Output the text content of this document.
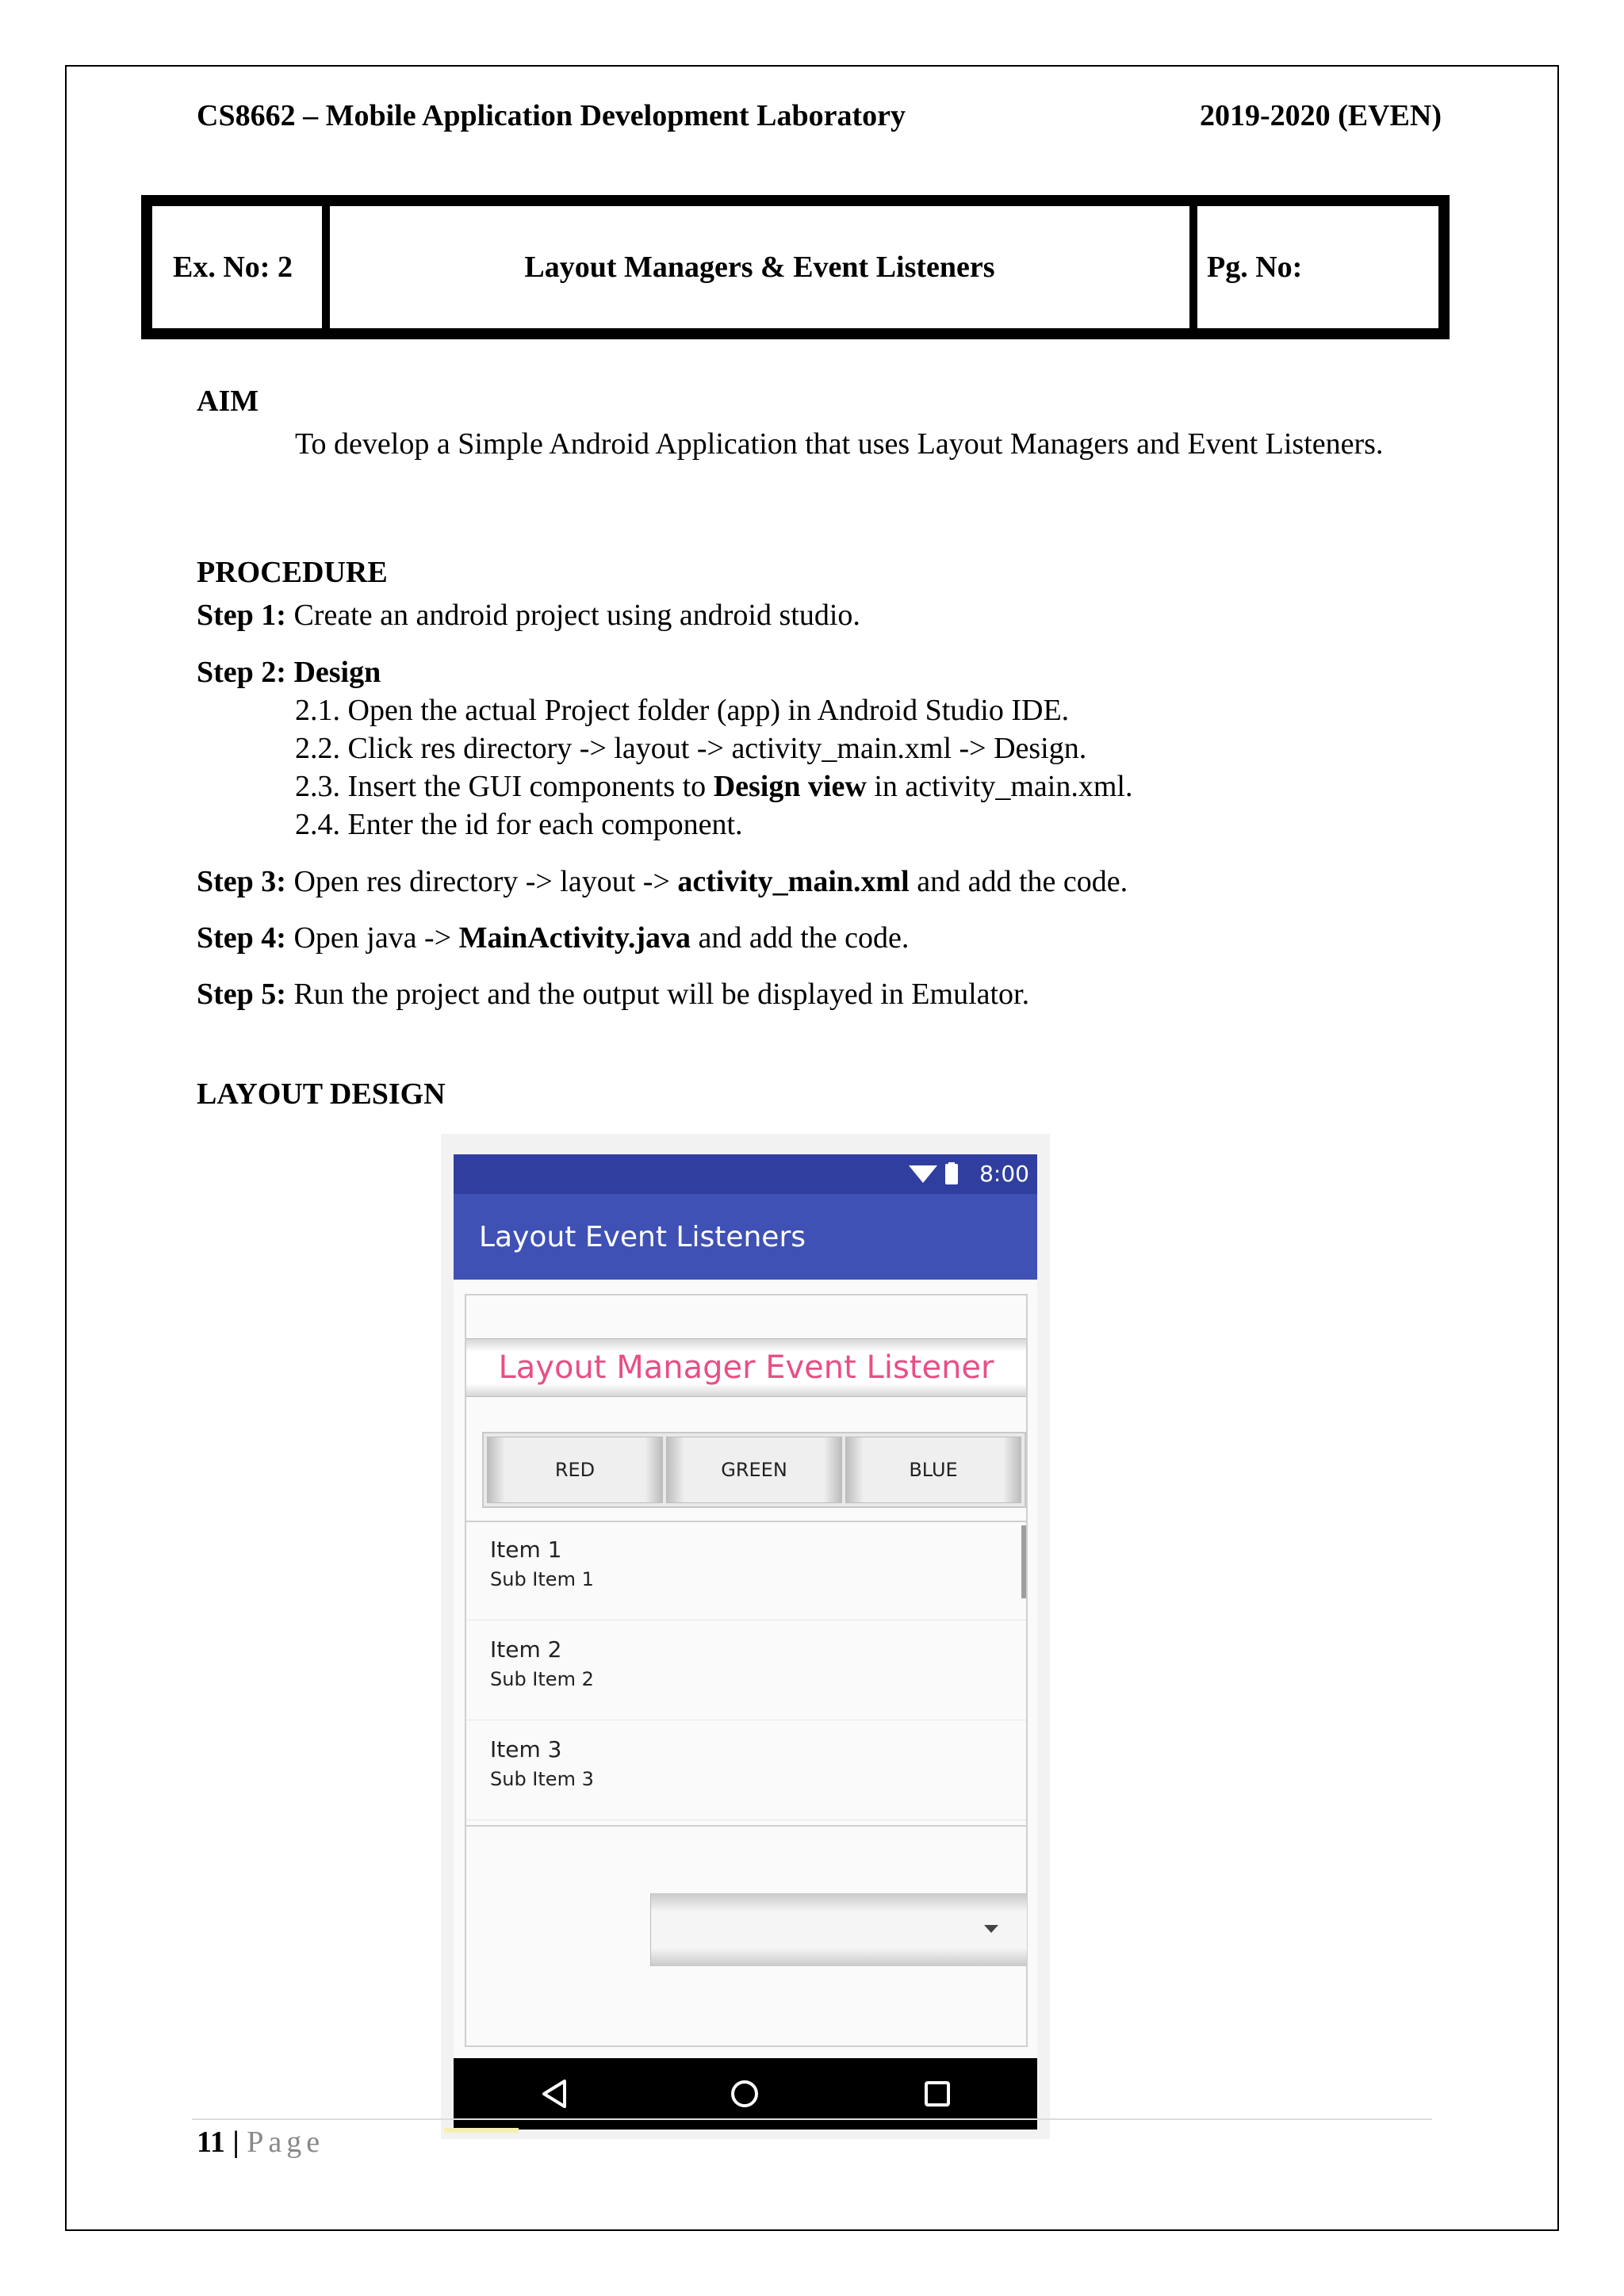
CS8662 – Mobile Application Development Laboratory	2019-2020 (EVEN)
Ex. No: 2	Layout Managers & Event Listeners	Pg. No:
AIM
To develop a Simple Android Application that uses Layout Managers and Event Listeners.
PROCEDURE
Step 1: Create an android project using android studio.
Step 2: Design
2.1. Open the actual Project folder (app) in Android Studio IDE.
2.2. Click res directory -> layout -> activity_main.xml -> Design.
2.3. Insert the GUI components to Design view in activity_main.xml.
2.4. Enter the id for each component.
Step 3: Open res directory -> layout -> activity_main.xml and add the code.
Step 4: Open java -> MainActivity.java and add the code.
Step 5: Run the project and the output will be displayed in Emulator.
LAYOUT DESIGN
8:00
Layout Event Listeners
Layout Manager Event Listener
RED	GREEN	BLUE
Item 1
Sub Item 1
Item 2
Sub Item 2
Item 3
Sub Item 3
11 | Page
